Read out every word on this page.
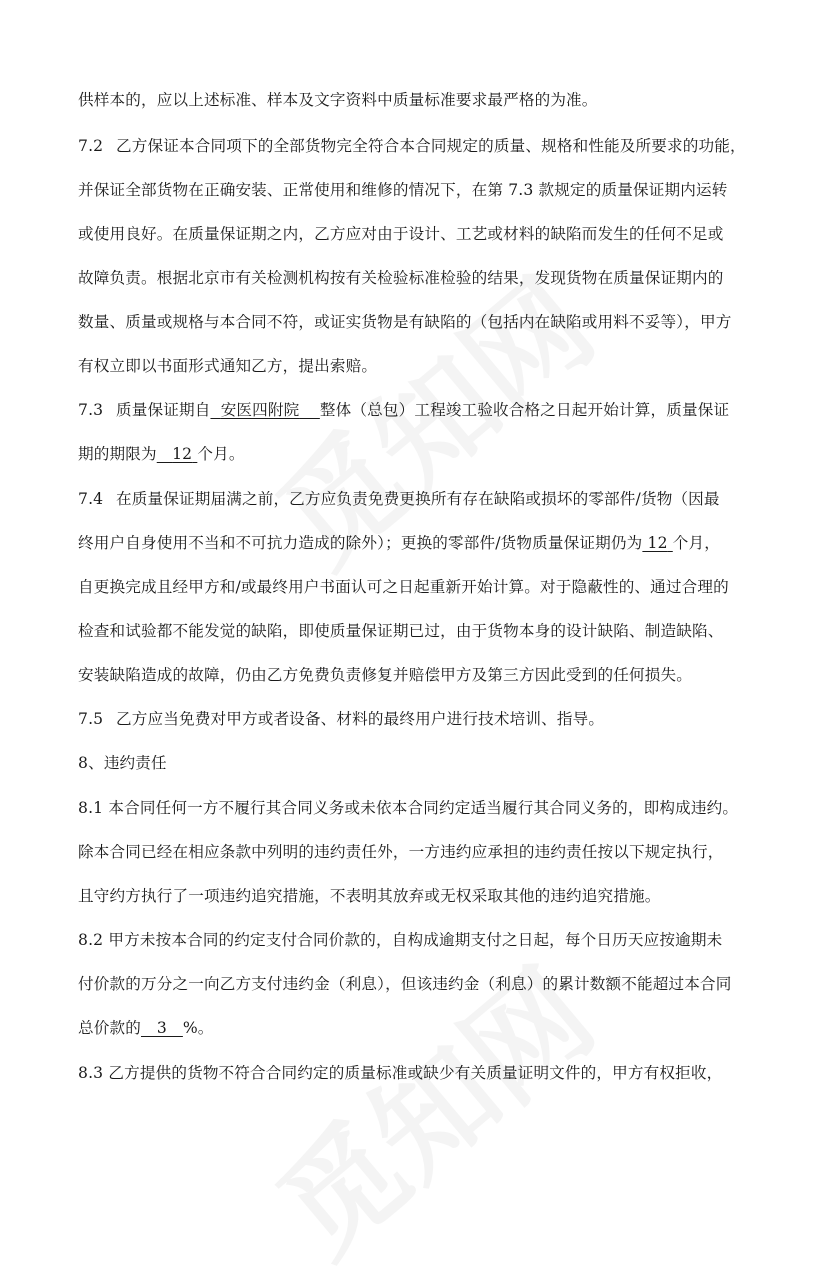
供样本的，应以上述标准、样本及文字资料中质量标准要求最严格的为准。
7.2 乙方保证本合同项下的全部货物完全符合本合同规定的质量、规格和性能及所要求的功能，
并保证全部货物在正确安装、正常使用和维修的情况下，在第 7.3 款规定的质量保证期内运转
或使用良好。在质量保证期之内，乙方应对由于设计、工艺或材料的缺陷而发生的任何不足或
故障负责。根据北京市有关检测机构按有关检验标准检验的结果，发现货物在质量保证期内的
数量、质量或规格与本合同不符，或证实货物是有缺陷的（包括内在缺陷或用料不妥等），甲方
有权立即以书面形式通知乙方，提出索赔。
7.3 质量保证期自 安医四附院 整体（总包）工程竣工验收合格之日起开始计算，质量保证
期的期限为 12 个月。
7.4 在质量保证期届满之前，乙方应负责免费更换所有存在缺陷或损坏的零部件/货物（因最
终用户自身使用不当和不可抗力造成的除外）；更换的零部件/货物质量保证期仍为 12 个月，
自更换完成且经甲方和/或最终用户书面认可之日起重新开始计算。对于隐蔽性的、通过合理的
检查和试验都不能发觉的缺陷，即使质量保证期已过，由于货物本身的设计缺陷、制造缺陷、
安装缺陷造成的故障，仍由乙方免费负责修复并赔偿甲方及第三方因此受到的任何损失。
7.5 乙方应当免费对甲方或者设备、材料的最终用户进行技术培训、指导。
8、违约责任
8.1 本合同任何一方不履行其合同义务或未依本合同约定适当履行其合同义务的，即构成违约。
除本合同已经在相应条款中列明的违约责任外，一方违约应承担的违约责任按以下规定执行，
且守约方执行了一项违约追究措施，不表明其放弃或无权采取其他的违约追究措施。
8.2 甲方未按本合同的约定支付合同价款的，自构成逾期支付之日起，每个日历天应按逾期未
付价款的万分之一向乙方支付违约金（利息），但该违约金（利息）的累计数额不能超过本合同
总价款的__3__%。
8.3 乙方提供的货物不符合合同约定的质量标准或缺少有关质量证明文件的，甲方有权拒收，
